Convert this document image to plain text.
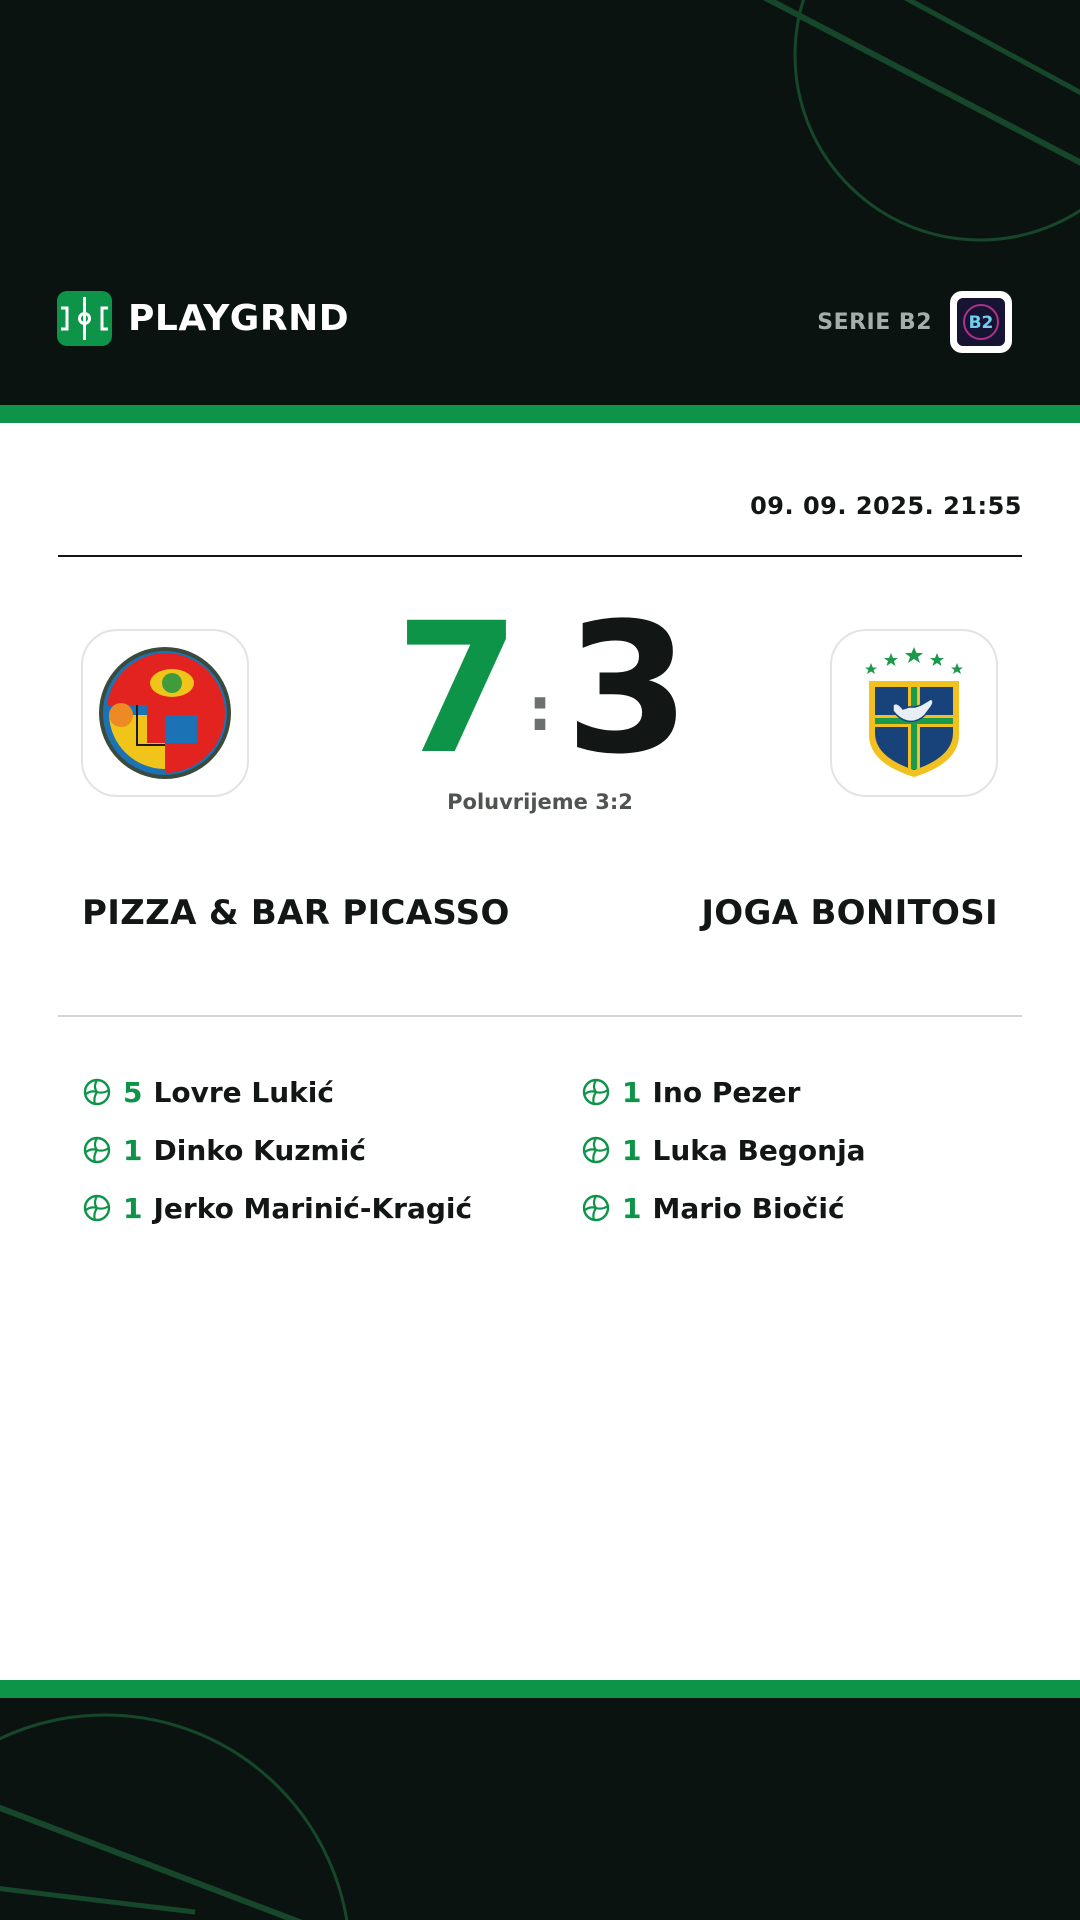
PLAYGRND	SERIE B2 B2
09. 09. 2025. 21:55
7 : 3
Poluvrijeme 3:2
PIZZA & BAR PICASSO	JOGA BONITOSI
5 Lovre Lukić
1 Dinko Kuzmić
1 Jerko Marinić-Kragić
1 Ino Pezer
1 Luka Begonja
1 Mario Biočić
